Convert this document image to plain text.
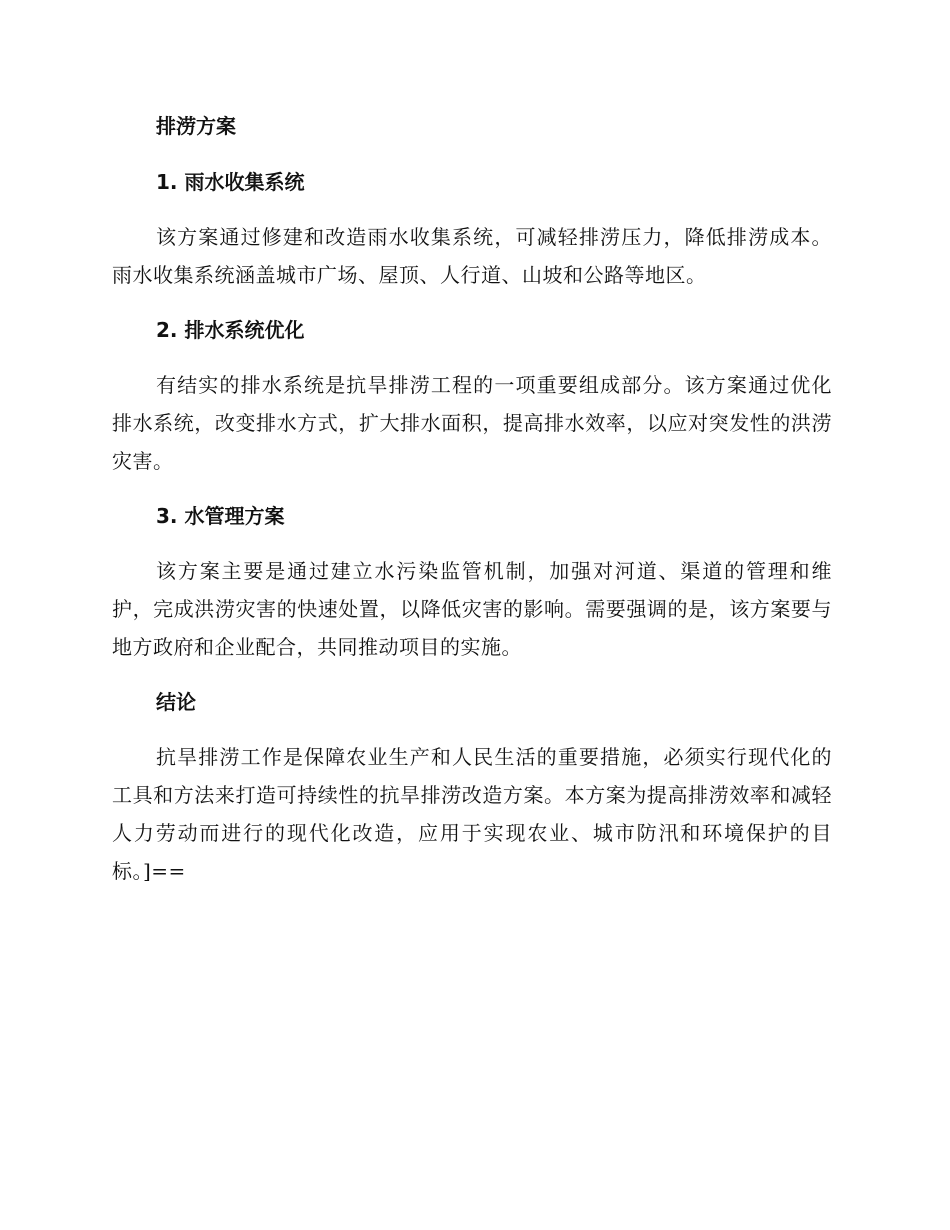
排涝方案
1. 雨水收集系统

该方案通过修建和改造雨水收集系统，可减轻排涝压力，降低排涝成本。雨水收集系统涵盖城市广场、屋顶、人行道、山坡和公路等地区。

2. 排水系统优化

有结实的排水系统是抗旱排涝工程的一项重要组成部分。该方案通过优化排水系统，改变排水方式，扩大排水面积，提高排水效率，以应对突发性的洪涝灾害。

3. 水管理方案

该方案主要是通过建立水污染监管机制，加强对河道、渠道的管理和维护，完成洪涝灾害的快速处置，以降低灾害的影响。需要强调的是，该方案要与地方政府和企业配合，共同推动项目的实施。

结论

抗旱排涝工作是保障农业生产和人民生活的重要措施，必须实行现代化的工具和方法来打造可持续性的抗旱排涝改造方案。本方案为提高排涝效率和减轻人力劳动而进行的现代化改造，应用于实现农业、城市防汛和环境保护的目标。]==
